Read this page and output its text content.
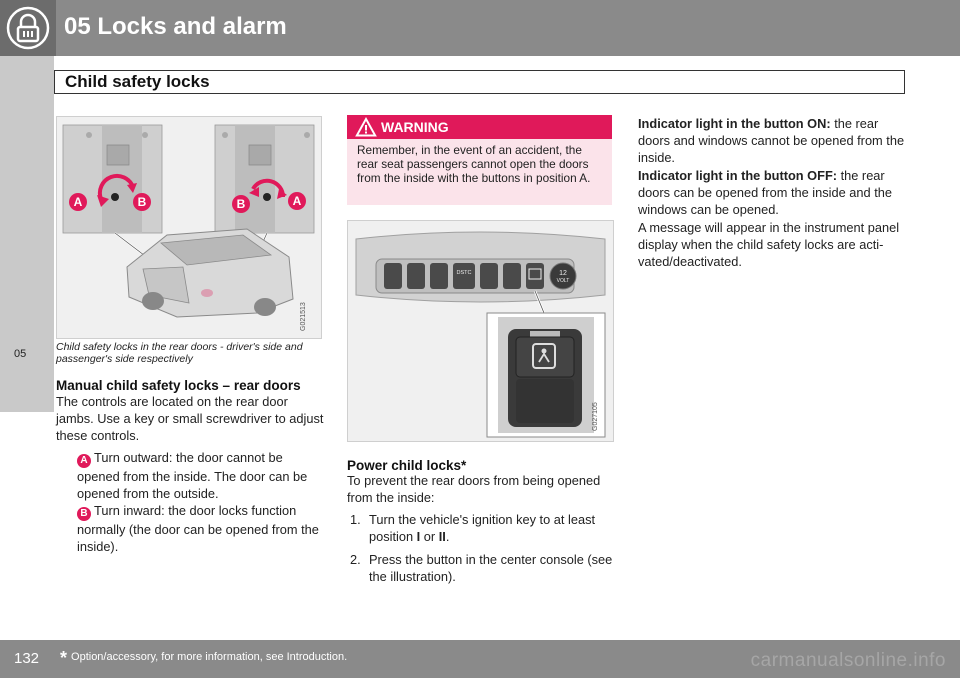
05 Locks and alarm
Child safety locks
05
A	B	B	A
G021513
Child safety locks in the rear doors - driver's side and passenger's side respectively
Manual child safety locks – rear doors
The controls are located on the rear door jambs. Use a key or small screwdriver to adjust these controls.
A Turn outward: the door cannot be opened from the inside. The door can be opened from the outside.
B Turn inward: the door locks function normally (the door can be opened from the inside).
WARNING
Remember, in the event of an accident, the rear seat passengers cannot open the doors from the inside with the buttons in position A.
DSTC	12
VOLT
G027105
Power child locks*
To prevent the rear doors from being opened from the inside:
1. Turn the vehicle's ignition key to at least position I or II.
2. Press the button in the center console (see the illustration).
Indicator light in the button ON: the rear doors and windows cannot be opened from the inside.
Indicator light in the button OFF: the rear doors can be opened from the inside and the windows can be opened.
A message will appear in the instrument panel display when the child safety locks are acti-vated/deactivated.
132 * Option/accessory, for more information, see Introduction.	carmanualsonline.info
